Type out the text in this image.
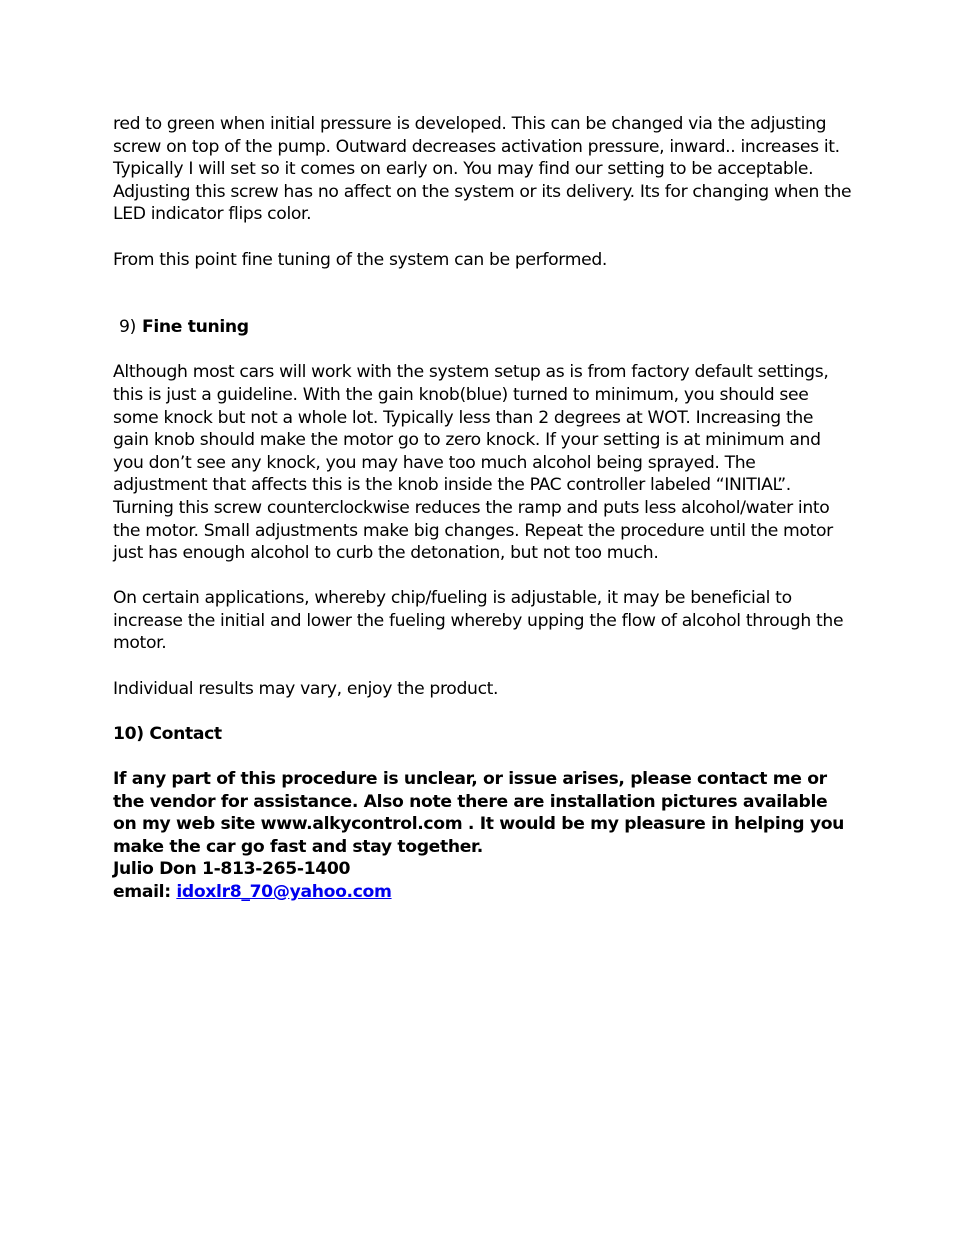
red to green when initial pressure is developed. This can be changed via the adjusting screw on top of the pump. Outward decreases activation pressure, inward.. increases it. Typically I will set so it comes on early on. You may find our setting to be acceptable. Adjusting this screw has no affect on the system or its delivery. Its for changing when the LED indicator flips color.

From this point fine tuning of the system can be performed.

9) Fine tuning

Although most cars will work with the system setup as is from factory default settings, this is just a guideline. With the gain knob(blue) turned to minimum, you should see some knock but not a whole lot. Typically less than 2 degrees at WOT. Increasing the gain knob should make the motor go to zero knock. If your setting is at minimum and you don’t see any knock, you may have too much alcohol being sprayed. The adjustment that affects this is the knob inside the PAC controller labeled “INITIAL”. Turning this screw counterclockwise reduces the ramp and puts less alcohol/water into the motor. Small adjustments make big changes. Repeat the procedure until the motor just has enough alcohol to curb the detonation, but not too much.

On certain applications, whereby chip/fueling is adjustable, it may be beneficial to increase the initial and lower the fueling whereby upping the flow of alcohol through the motor.

Individual results may vary, enjoy the product.

10) Contact

If any part of this procedure is unclear, or issue arises, please contact me or the vendor for assistance. Also note there are installation pictures available on my web site www.alkycontrol.com . It would be my pleasure in helping you make the car go fast and stay together.
Julio Don 1-813-265-1400
email: idoxlr8_70@yahoo.com
